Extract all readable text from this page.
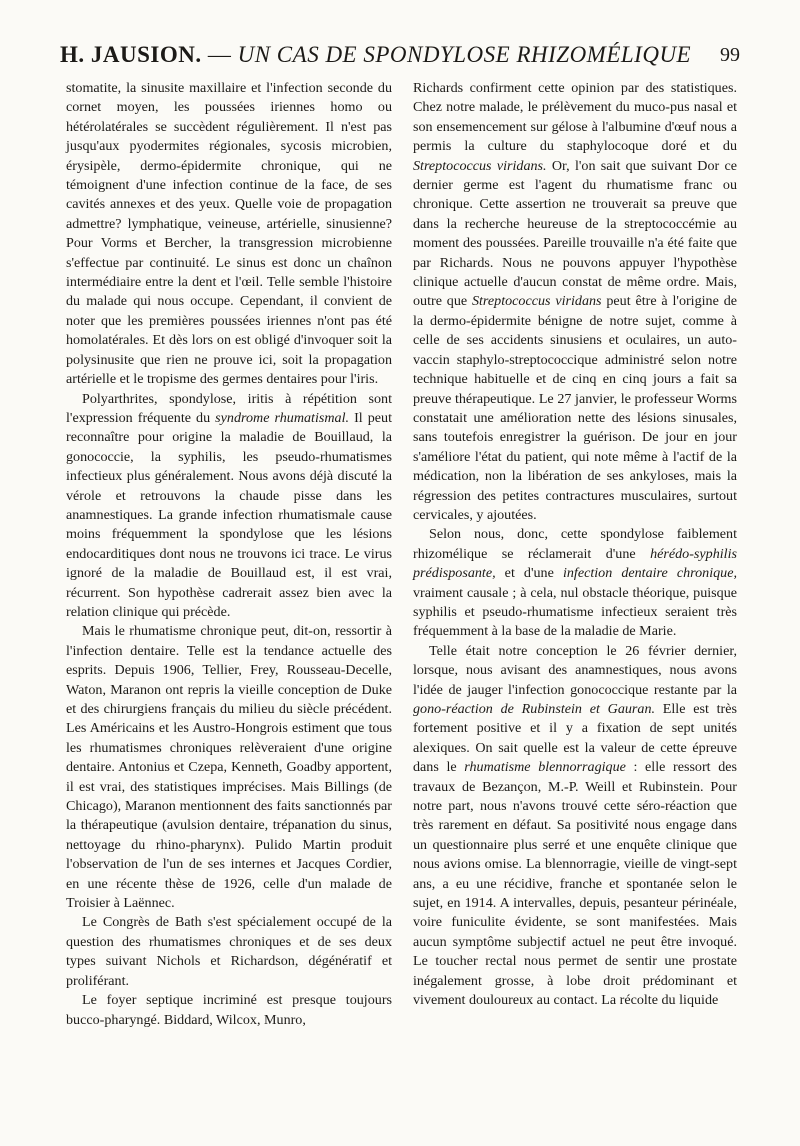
H. JAUSION. — UN CAS DE SPONDYLOSE RHIZOMÉLIQUE 99

stomatite, la sinusite maxillaire et l'infection seconde du cornet moyen, les poussées iriennes homo ou hétérolatérales se succèdent régulièrement. Il n'est pas jusqu'aux pyodermites régionales, sycosis microbien, érysipèle, dermo-épidermite chronique, qui ne témoignent d'une infection continue de la face, de ses cavités annexes et des yeux. Quelle voie de propagation admettre? lymphatique, veineuse, artérielle, sinusienne? Pour Vorms et Bercher, la transgression microbienne s'effectue par continuité. Le sinus est donc un chaînon intermédiaire entre la dent et l'œil. Telle semble l'histoire du malade qui nous occupe. Cependant, il convient de noter que les premières poussées iriennes n'ont pas été homolatérales. Et dès lors on est obligé d'invoquer soit la polysinusite que rien ne prouve ici, soit la propagation artérielle et le tropisme des germes dentaires pour l'iris.

Polyarthrites, spondylose, iritis à répétition sont l'expression fréquente du syndrome rhumatismal. Il peut reconnaître pour origine la maladie de Bouillaud, la gonococcie, la syphilis, les pseudo-rhumatismes infectieux plus généralement. Nous avons déjà discuté la vérole et retrouvons la chaude pisse dans les anamnestiques. La grande infection rhumatismale cause moins fréquemment la spondylose que les lésions endocarditiques dont nous ne trouvons ici trace. Le virus ignoré de la maladie de Bouillaud est, il est vrai, récurrent. Son hypothèse cadrerait assez bien avec la relation clinique qui précède.

Mais le rhumatisme chronique peut, dit-on, ressortir à l'infection dentaire. Telle est la tendance actuelle des esprits. Depuis 1906, Tellier, Frey, Rousseau-Decelle, Waton, Maranon ont repris la vieille conception de Duke et des chirurgiens français du milieu du siècle précédent. Les Américains et les Austro-Hongrois estiment que tous les rhumatismes chroniques relèveraient d'une origine dentaire. Antonius et Czepa, Kenneth, Goadby apportent, il est vrai, des statistiques imprécises. Mais Billings (de Chicago), Maranon mentionnent des faits sanctionnés par la thérapeutique (avulsion dentaire, trépanation du sinus, nettoyage du rhino-pharynx). Pulido Martin produit l'observation de l'un de ses internes et Jacques Cordier, en une récente thèse de 1926, celle d'un malade de Troisier à Laënnec.

Le Congrès de Bath s'est spécialement occupé de la question des rhumatismes chroniques et de ses deux types suivant Nichols et Richardson, dégénératif et proliférant.

Le foyer septique incriminé est presque toujours bucco-pharyngé. Biddard, Wilcox, Munro,

Richards confirment cette opinion par des statistiques. Chez notre malade, le prélèvement du muco-pus nasal et son ensemencement sur gélose à l'albumine d'œuf nous a permis la culture du staphylocoque doré et du Streptococcus viridans. Or, l'on sait que suivant Dor ce dernier germe est l'agent du rhumatisme franc ou chronique. Cette assertion ne trouverait sa preuve que dans la recherche heureuse de la streptococcémie au moment des poussées. Pareille trouvaille n'a été faite que par Richards. Nous ne pouvons appuyer l'hypothèse clinique actuelle d'aucun constat de même ordre. Mais, outre que Streptococcus viridans peut être à l'origine de la dermo-épidermite bénigne de notre sujet, comme à celle de ses accidents sinusiens et oculaires, un auto-vaccin staphylo-streptococcique administré selon notre technique habituelle et de cinq en cinq jours a fait sa preuve thérapeutique. Le 27 janvier, le professeur Worms constatait une amélioration nette des lésions sinusales, sans toutefois enregistrer la guérison. De jour en jour s'améliore l'état du patient, qui note même à l'actif de la médication, non la libération de ses ankyloses, mais la régression des petites contractures musculaires, surtout cervicales, y ajoutées.

Selon nous, donc, cette spondylose faiblement rhizomélique se réclamerait d'une hérédo-syphilis prédisposante, et d'une infection dentaire chronique, vraiment causale ; à cela, nul obstacle théorique, puisque syphilis et pseudo-rhumatisme infectieux seraient très fréquemment à la base de la maladie de Marie.

Telle était notre conception le 26 février dernier, lorsque, nous avisant des anamnestiques, nous avons l'idée de jauger l'infection gonococcique restante par la gono-réaction de Rubinstein et Gauran. Elle est très fortement positive et il y a fixation de sept unités alexiques. On sait quelle est la valeur de cette épreuve dans le rhumatisme blennorragique : elle ressort des travaux de Bezançon, M.-P. Weill et Rubinstein. Pour notre part, nous n'avons trouvé cette séro-réaction que très rarement en défaut. Sa positivité nous engage dans un questionnaire plus serré et une enquête clinique que nous avions omise. La blennorragie, vieille de vingt-sept ans, a eu une récidive, franche et spontanée selon le sujet, en 1914. A intervalles, depuis, pesanteur périnéale, voire funiculite évidente, se sont manifestées. Mais aucun symptôme subjectif actuel ne peut être invoqué. Le toucher rectal nous permet de sentir une prostate inégalement grosse, à lobe droit prédominant et vivement douloureux au contact. La récolte du liquide
